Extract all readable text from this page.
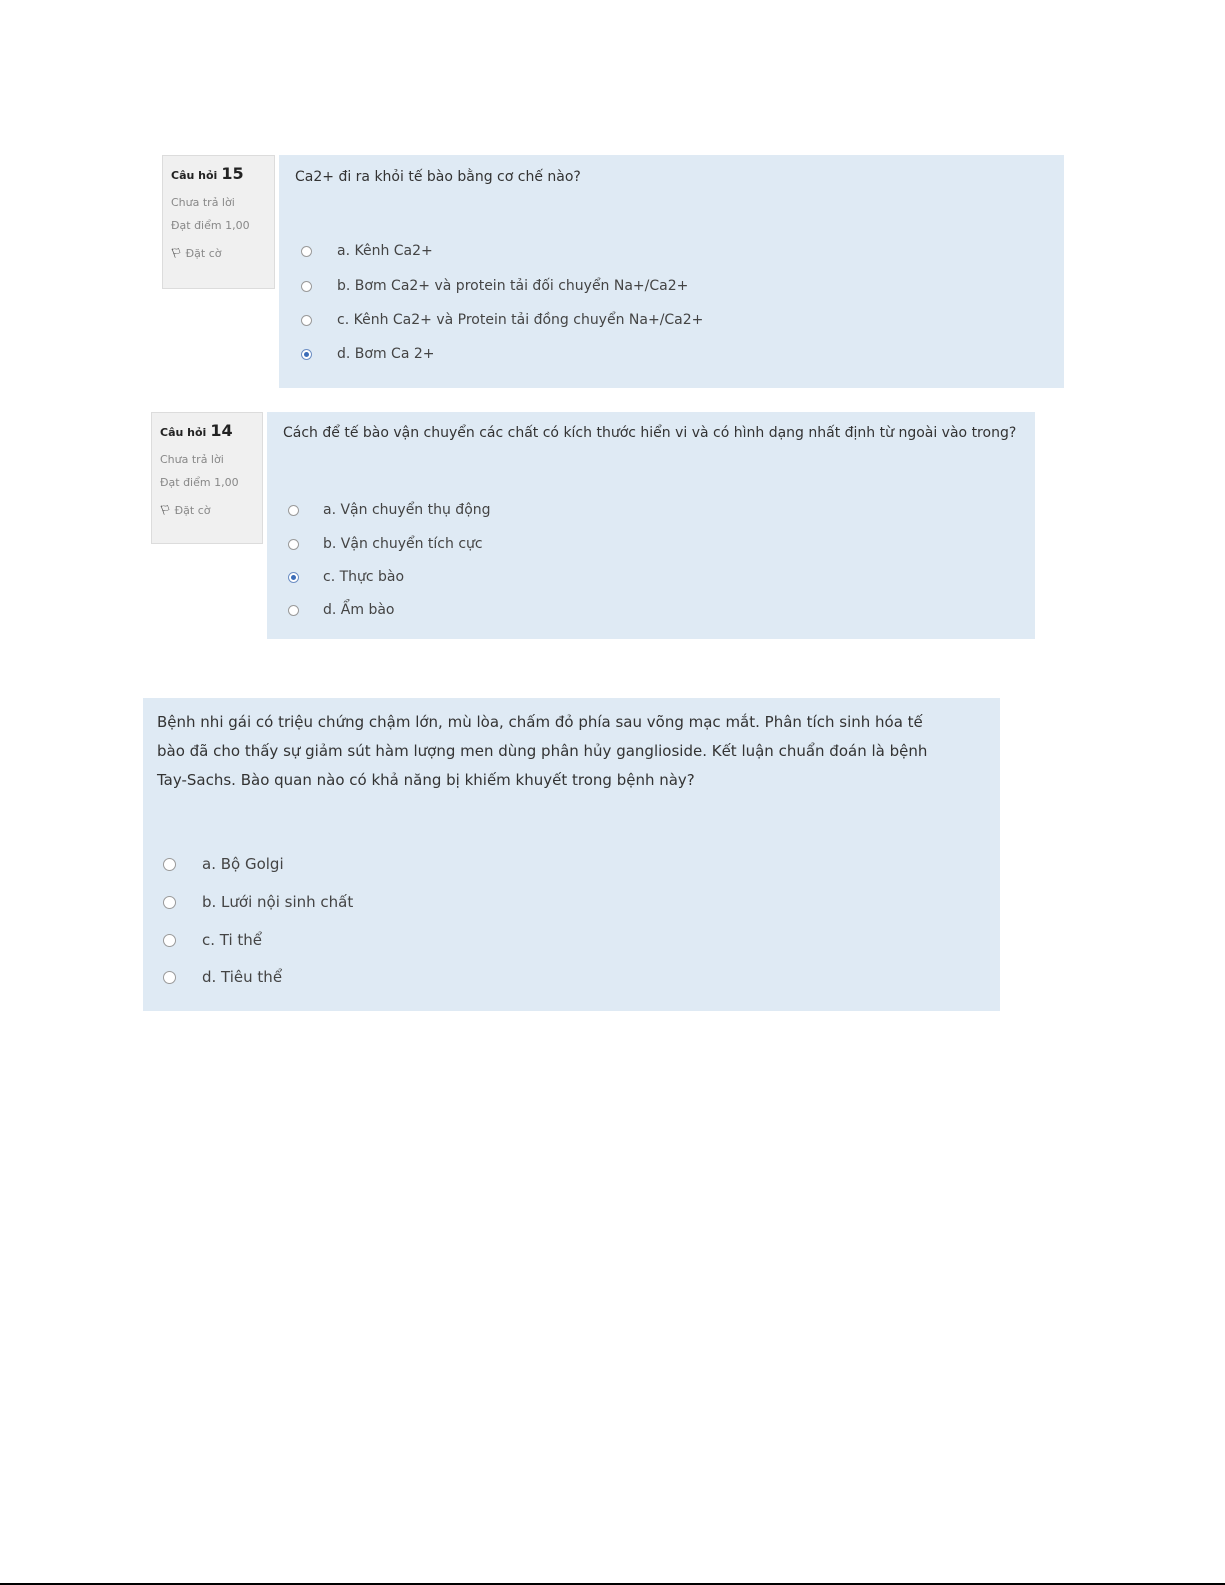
Câu hỏi 15
Chưa trả lời
Đạt điểm 1,00
⚐Đặt cờ
Ca2+ đi ra khỏi tế bào bằng cơ chế nào?
a. Kênh Ca2+
b. Bơm Ca2+ và protein tải đối chuyển Na+/Ca2+
c. Kênh Ca2+ và Protein tải đồng chuyển Na+/Ca2+
d. Bơm Ca 2+
Câu hỏi 14
Chưa trả lời
Đạt điểm 1,00
⚐Đặt cờ
Cách để tế bào vận chuyển các chất có kích thước hiển vi và có hình dạng nhất định từ ngoài vào trong?
a. Vận chuyển thụ động
b. Vận chuyển tích cực
c. Thực bào
d. Ẩm bào
Bệnh nhi gái có triệu chứng chậm lớn, mù lòa, chấm đỏ phía sau võng mạc mắt. Phân tích sinh hóa tế
bào đã cho thấy sự giảm sút hàm lượng men dùng phân hủy ganglioside. Kết luận chuẩn đoán là bệnh
Tay-Sachs. Bào quan nào có khả năng bị khiếm khuyết trong bệnh này?
a. Bộ Golgi
b. Lưới nội sinh chất
c. Ti thể
d. Tiêu thể
